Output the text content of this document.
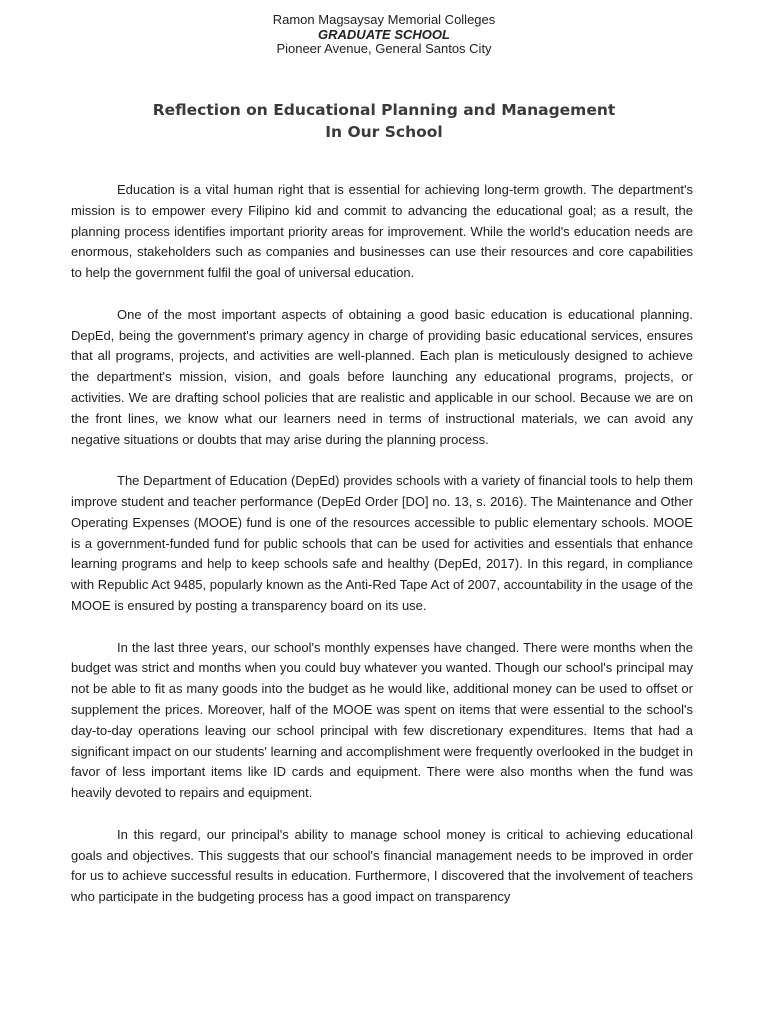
Ramon Magsaysay Memorial Colleges
GRADUATE SCHOOL
Pioneer Avenue, General Santos City
Reflection on Educational Planning and Management
In Our School

Education is a vital human right that is essential for achieving long-term growth. The department's mission is to empower every Filipino kid and commit to advancing the educational goal; as a result, the planning process identifies important priority areas for improvement. While the world's education needs are enormous, stakeholders such as companies and businesses can use their resources and core capabilities to help the government fulfil the goal of universal education.

One of the most important aspects of obtaining a good basic education is educational planning. DepEd, being the government's primary agency in charge of providing basic educational services, ensures that all programs, projects, and activities are well-planned. Each plan is meticulously designed to achieve the department's mission, vision, and goals before launching any educational programs, projects, or activities. We are drafting school policies that are realistic and applicable in our school. Because we are on the front lines, we know what our learners need in terms of instructional materials, we can avoid any negative situations or doubts that may arise during the planning process.

The Department of Education (DepEd) provides schools with a variety of financial tools to help them improve student and teacher performance (DepEd Order [DO] no. 13, s. 2016). The Maintenance and Other Operating Expenses (MOOE) fund is one of the resources accessible to public elementary schools. MOOE is a government-funded fund for public schools that can be used for activities and essentials that enhance learning programs and help to keep schools safe and healthy (DepEd, 2017). In this regard, in compliance with Republic Act 9485, popularly known as the Anti-Red Tape Act of 2007, accountability in the usage of the MOOE is ensured by posting a transparency board on its use.

In the last three years, our school's monthly expenses have changed. There were months when the budget was strict and months when you could buy whatever you wanted. Though our school's principal may not be able to fit as many goods into the budget as he would like, additional money can be used to offset or supplement the prices. Moreover, half of the MOOE was spent on items that were essential to the school's day-to-day operations leaving our school principal with few discretionary expenditures. Items that had a significant impact on our students' learning and accomplishment were frequently overlooked in the budget in favor of less important items like ID cards and equipment. There were also months when the fund was heavily devoted to repairs and equipment.

In this regard, our principal's ability to manage school money is critical to achieving educational goals and objectives. This suggests that our school's financial management needs to be improved in order for us to achieve successful results in education. Furthermore, I discovered that the involvement of teachers who participate in the budgeting process has a good impact on transparency
